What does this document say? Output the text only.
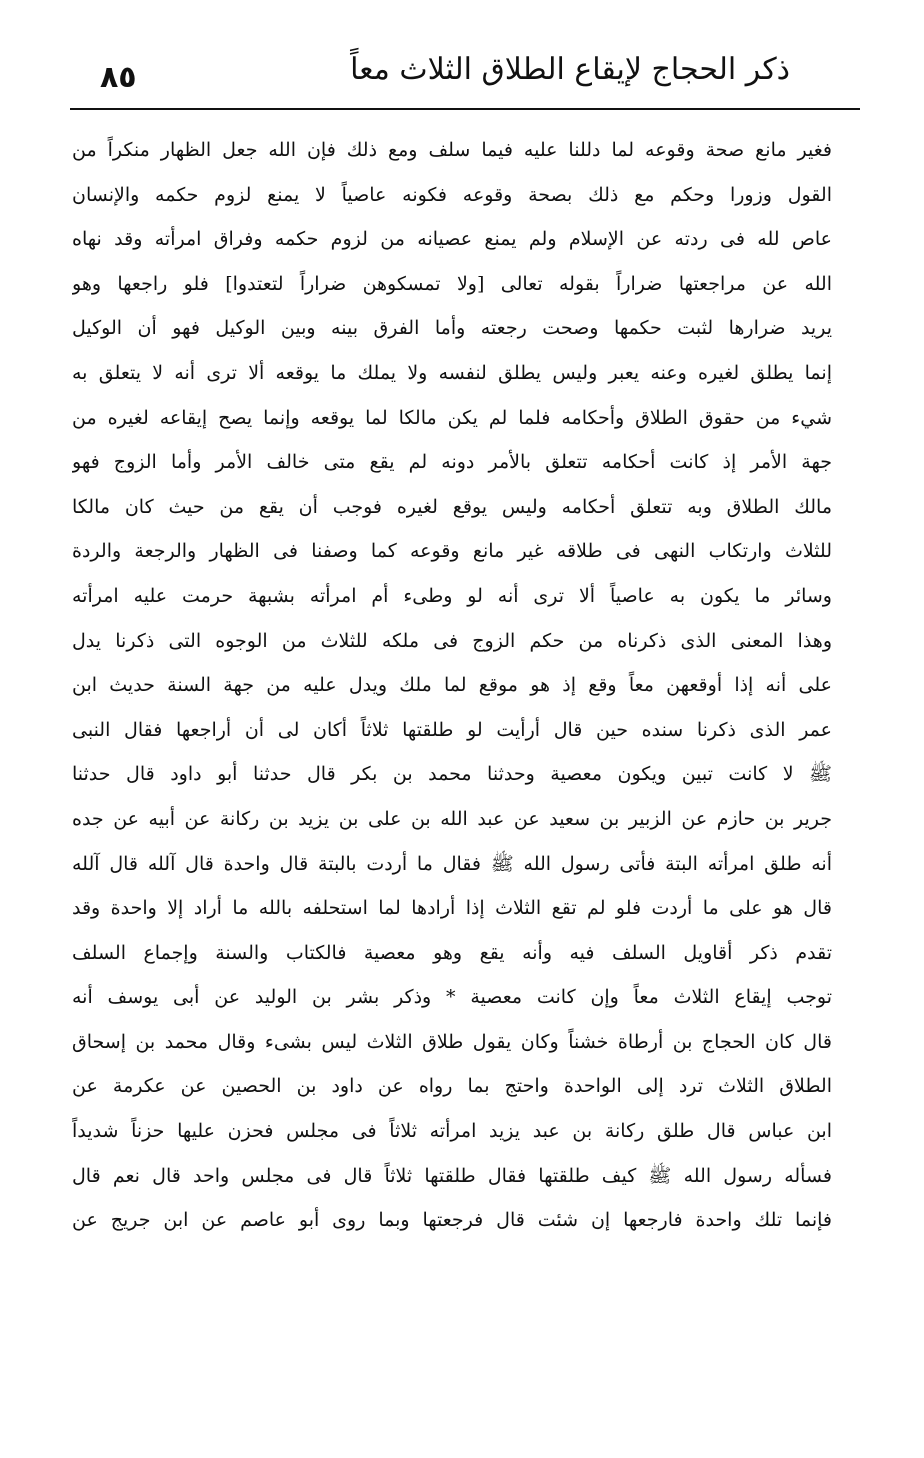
٨٥	ذكر الحجاج لإيقاع الطلاق الثلاث معاً
فغير مانع صحة وقوعه لما دللنا عليه فيما سلف ومع ذلك فإن الله جعل الظهار منكراً من
القول وزورا وحكم مع ذلك بصحة وقوعه فكونه عاصياً لا يمنع لزوم حكمه والإنسان
عاص لله فى ردته عن الإسلام ولم يمنع عصيانه من لزوم حكمه وفراق امرأته وقد نهاه
الله عن مراجعتها ضراراً بقوله تعالى [ولا تمسكوهن ضراراً لتعتدوا] فلو راجعها وهو
يريد ضرارها لثبت حكمها وصحت رجعته وأما الفرق بينه وبين الوكيل فهو أن الوكيل
إنما يطلق لغيره وعنه يعبر وليس يطلق لنفسه ولا يملك ما يوقعه ألا ترى أنه لا يتعلق به
شيء من حقوق الطلاق وأحكامه فلما لم يكن مالكا لما يوقعه وإنما يصح إيقاعه لغيره من
جهة الأمر إذ كانت أحكامه تتعلق بالأمر دونه لم يقع متى خالف الأمر وأما الزوج فهو
مالك الطلاق وبه تتعلق أحكامه وليس يوقع لغيره فوجب أن يقع من حيث كان مالكا
للثلاث وارتكاب النهى فى طلاقه غير مانع وقوعه كما وصفنا فى الظهار والرجعة والردة
وسائر ما يكون به عاصياً ألا ترى أنه لو وطىء أم امرأته بشبهة حرمت عليه امرأته
وهذا المعنى الذى ذكرناه من حكم الزوج فى ملكه للثلاث من الوجوه التى ذكرنا يدل
على أنه إذا أوقعهن معاً وقع إذ هو موقع لما ملك ويدل عليه من جهة السنة حديث ابن
عمر الذى ذكرنا سنده حين قال أرأيت لو طلقتها ثلاثاً أكان لى أن أراجعها فقال النبى
ﷺ لا كانت تبين ويكون معصية وحدثنا محمد بن بكر قال حدثنا أبو داود قال حدثنا
جرير بن حازم عن الزبير بن سعيد عن عبد الله بن على بن يزيد بن ركانة عن أبيه عن جده
أنه طلق امرأته البتة فأتى رسول الله ﷺ فقال ما أردت بالبتة قال واحدة قال آلله قال آلله
قال هو على ما أردت فلو لم تقع الثلاث إذا أرادها لما استحلفه بالله ما أراد إلا واحدة وقد
تقدم ذكر أقاويل السلف فيه وأنه يقع وهو معصية فالكتاب والسنة وإجماع السلف
توجب إيقاع الثلاث معاً وإن كانت معصية * وذكر بشر بن الوليد عن أبى يوسف أنه
قال كان الحجاج بن أرطاة خشناً وكان يقول طلاق الثلاث ليس بشىء وقال محمد بن إسحاق
الطلاق الثلاث ترد إلى الواحدة واحتج بما رواه عن داود بن الحصين عن عكرمة عن
ابن عباس قال طلق ركانة بن عبد يزيد امرأته ثلاثاً فى مجلس فحزن عليها حزناً شديداً
فسأله رسول الله ﷺ كيف طلقتها فقال طلقتها ثلاثاً قال فى مجلس واحد قال نعم قال
فإنما تلك واحدة فارجعها إن شئت قال فرجعتها وبما روى أبو عاصم عن ابن جريج عن
